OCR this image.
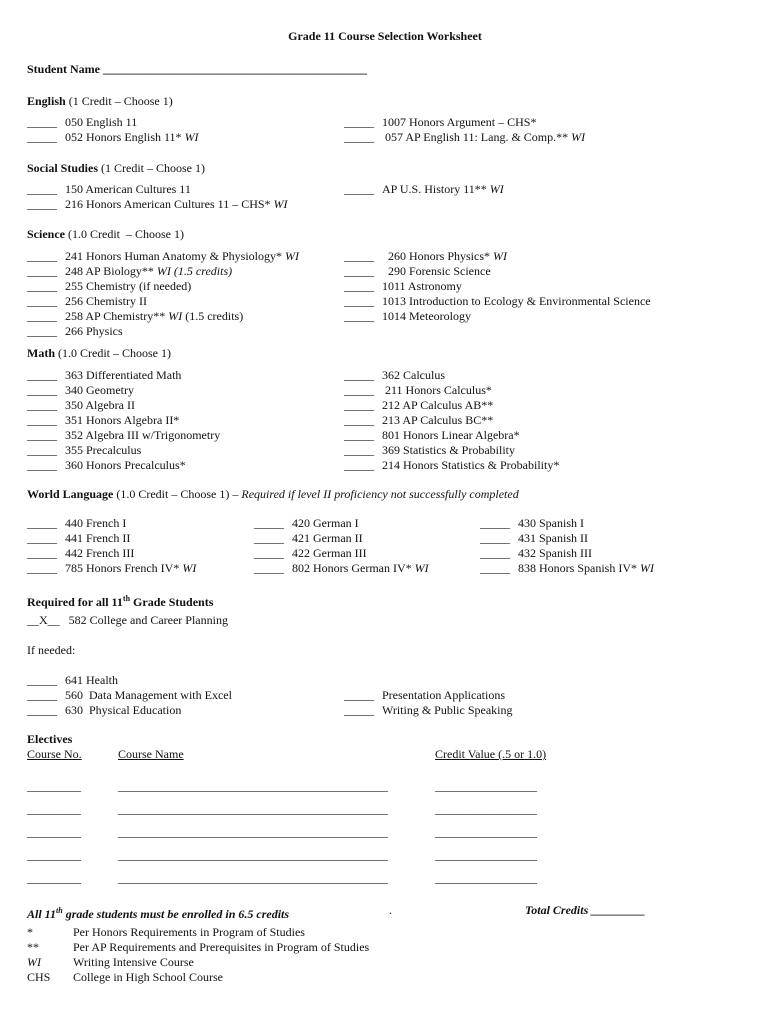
Grade 11 Course Selection Worksheet
Student Name ____________________________________________
English (1 Credit – Choose 1)
_____ 050 English 11
_____ 052 Honors English 11* WI
_____ 1007 Honors Argument – CHS*
_____ 057 AP English 11: Lang. & Comp.** WI
Social Studies (1 Credit – Choose 1)
_____ 150 American Cultures 11
_____ 216 Honors American Cultures 11 – CHS* WI
_____ AP U.S. History 11** WI
Science (1.0 Credit  – Choose 1)
_____ 241 Honors Human Anatomy & Physiology* WI
_____ 248 AP Biology** WI (1.5 credits)
_____ 255 Chemistry (if needed)
_____ 256 Chemistry II
_____ 258 AP Chemistry** WI (1.5 credits)
_____ 266 Physics
_____  260 Honors Physics* WI
_____  290 Forensic Science
_____ 1011 Astronomy
_____ 1013 Introduction to Ecology & Environmental Science
_____ 1014 Meteorology
Math (1.0 Credit – Choose 1)
_____ 363 Differentiated Math
_____ 340 Geometry
_____ 350 Algebra II
_____ 351 Honors Algebra II*
_____ 352 Algebra III w/Trigonometry
_____ 355 Precalculus
_____ 360 Honors Precalculus*
_____ 362 Calculus
_____ 211 Honors Calculus*
_____ 212 AP Calculus AB**
_____ 213 AP Calculus BC**
_____ 801 Honors Linear Algebra*
_____ 369 Statistics & Probability
_____ 214 Honors Statistics & Probability*
World Language (1.0 Credit – Choose 1) – Required if level II proficiency not successfully completed
_____ 440 French I
_____ 441 French II
_____ 442 French III
_____ 785 Honors French IV* WI
_____ 420 German I
_____ 421 German II
_____ 422 German III
_____ 802 Honors German IV* WI
_____ 430 Spanish I
_____ 431 Spanish II
_____ 432 Spanish III
_____ 838 Honors Spanish IV* WI
Required for all 11th Grade Students
__X__ 582 College and Career Planning
If needed:
_____ 641 Health
_____ 560  Data Management with Excel
_____ 630  Physical Education
_____ Presentation Applications
_____ Writing & Public Speaking
Electives
Course No.	Course Name	Credit Value (.5 or 1.0)
_________	_____________________________________________	_________________
_________	_____________________________________________	_________________
_________	_____________________________________________	_________________
_________	_____________________________________________	_________________
_________	_____________________________________________	_________________
All 11th grade students must be enrolled in 6.5 credits	.	Total Credits _________
*	Per Honors Requirements in Program of Studies
**	Per AP Requirements and Prerequisites in Program of Studies
WI	Writing Intensive Course
CHS College in High School Course
